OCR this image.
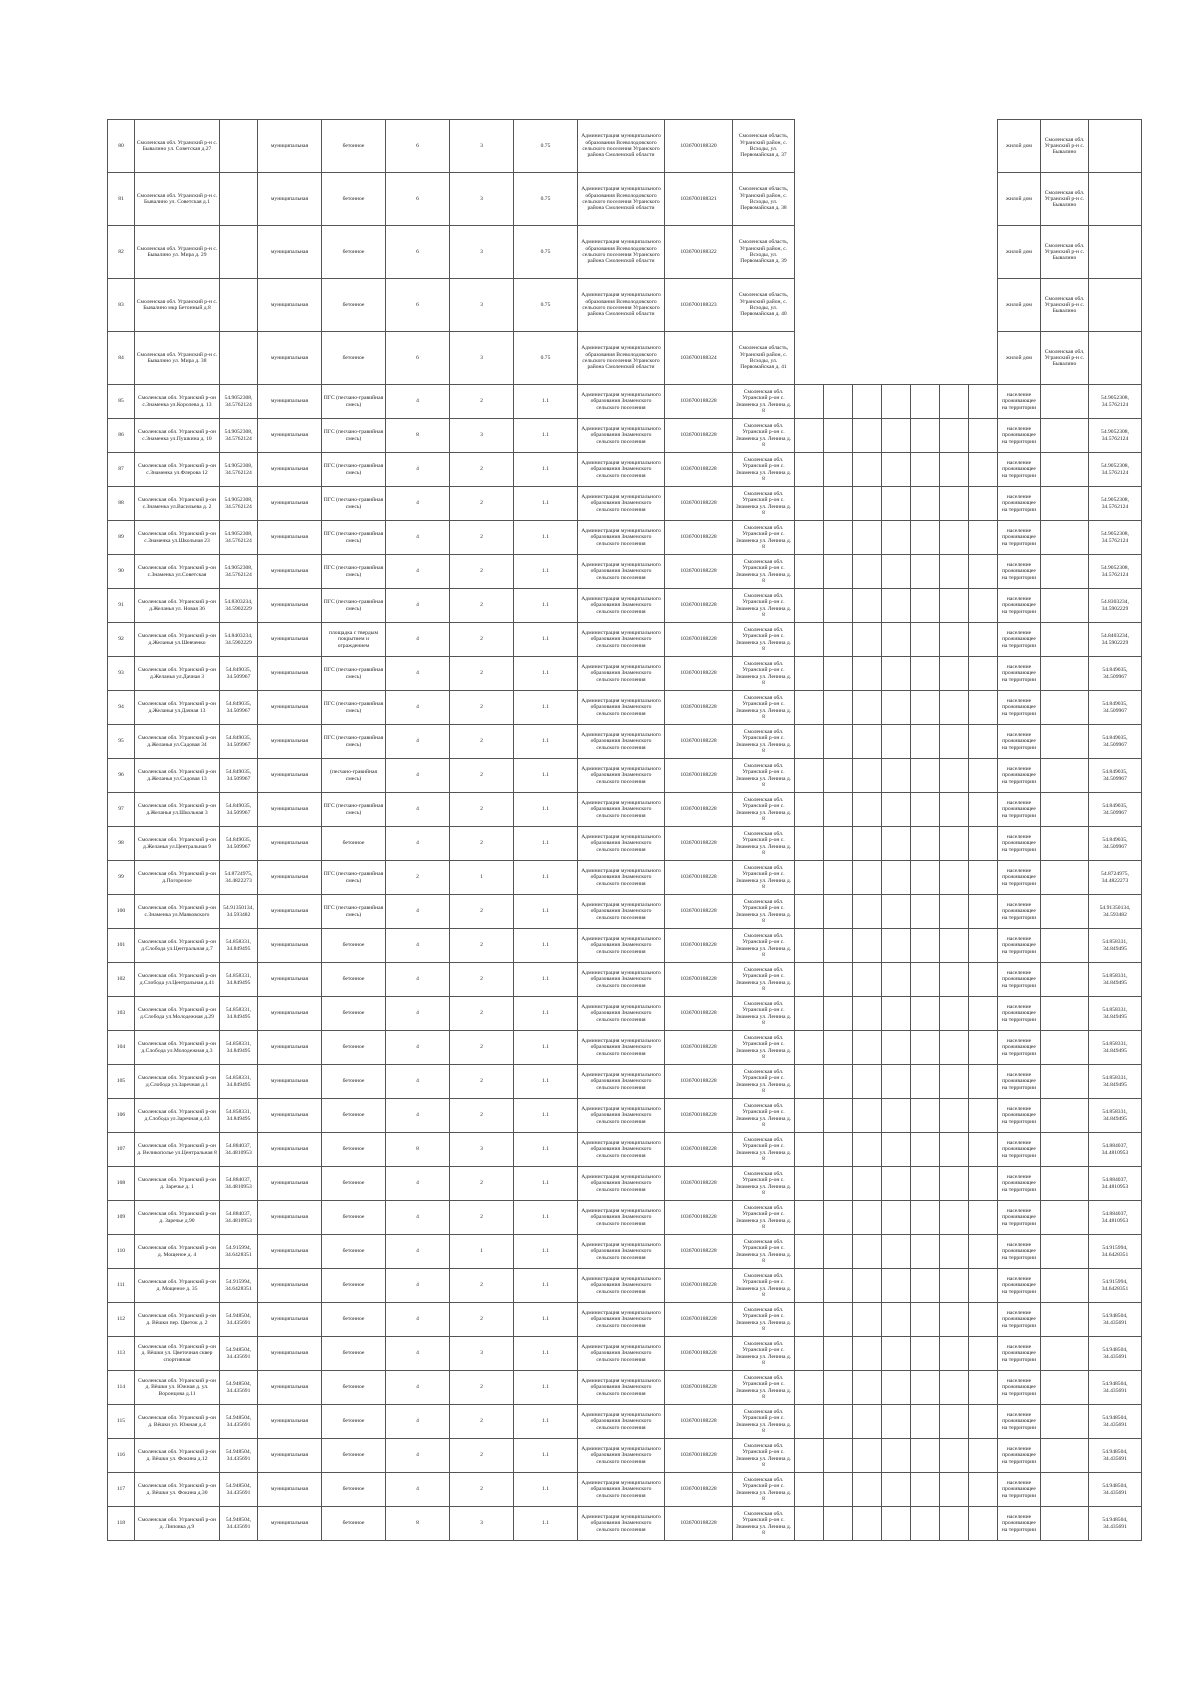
80	Смоленская обл. Угранский р-н с. Бывалино ул. Советская д.27		муниципальная	бетонное	6	3	0.75	Администрация муниципального образования Всеволодовского сельского поселения Угранского района Смоленской области	1036700188320	Смоленская область, Угранский район, с. Всходы, ул. Первомайская д. 37								жилой дом	Смоленская обл. Угранский р-н с. Бывалино	
81	Смоленская обл. Угранский р-н с. Бывалино ул. Советская д.1		муниципальная	бетонное	6	3	0.75	Администрация муниципального образования Всеволодовского сельского поселения Угранского района Смоленской области	1036700188321	Смоленская область, Угранский район, с. Всходы, ул. Первомайская д. 38								жилой дом	Смоленская обл. Угранский р-н с. Бывалино	
82	Смоленская обл. Угранский р-н с. Бывалино ул. Мира д. 29		муниципальная	бетонное	6	3	0.75	Администрация муниципального образования Всеволодовского сельского поселения Угранского района Смоленской области	1036700188322	Смоленская область, Угранский район, с. Всходы, ул. Первомайская д. 39								жилой дом	Смоленская обл. Угранский р-н с. Бывалино	
83	Смоленская обл. Угранский р-н с. Бывалино мкр Бетонный д.8		муниципальная	бетонное	6	3	0.75	Администрация муниципального образования Всеволодовского сельского поселения Угранского района Смоленской области	1036700188323	Смоленская область, Угранский район, с. Всходы, ул. Первомайская д. 40								жилой дом	Смоленская обл. Угранский р-н с. Бывалино	
84	Смоленская обл. Угранский р-н с. Бывалино ул. Мира д. 38		муниципальная	бетонное	6	3	0.75	Администрация муниципального образования Всеволодовского сельского поселения Угранского района Смоленской области	1036700188324	Смоленская область, Угранский район, с. Всходы, ул. Первомайская д. 41								жилой дом	Смоленская обл. Угранский р-н с. Бывалино	
85	Смоленская обл. Угранский р-он с.Знаменка ул.Королева д. 13	54.9052308, 34.5762124	муниципальная	ПГС (песчано-гравийная смесь)	4	2	1.1	Администрация муниципального образования Знаменского сельского поселения	1036700188228	Смоленская обл. Угранский р-он с. Знаменка ул. Ленина д. 8								население проживающее на территории		54.9052308, 34.5762124
86	Смоленская обл. Угранский р-он с.Знаменка ул.Пушкина д. 10	54.9052308, 34.5762124	муниципальная	ПГС (песчано-гравийная смесь)	8	3	1.1	Администрация муниципального образования Знаменского сельского поселения	1036700188228	Смоленская обл. Угранский р-он с. Знаменка ул. Ленина д. 8								население проживающее на территории		54.9052308, 34.5762124
87	Смоленская обл. Угранский р-он с.Знаменка ул.Флерова 12	54.9052308, 34.5762124	муниципальная	ПГС (песчано-гравийная смесь)	4	2	1.1	Администрация муниципального образования Знаменского сельского поселения	1036700188228	Смоленская обл. Угранский р-он с. Знаменка ул. Ленина д. 8								население проживающее на территории		54.9052308, 34.5762124
88	Смоленская обл. Угранский р-он с.Знаменка ул.Васильева д. 2	54.9052308, 34.5762124	муниципальная	ПГС (песчано-гравийная смесь)	4	2	1.1	Администрация муниципального образования Знаменского сельского поселения	1036700188228	Смоленская обл. Угранский р-он с. Знаменка ул. Ленина д. 8								население проживающее на территории		54.9052308, 34.5762124
89	Смоленская обл. Угранский р-он с.Знаменка ул.Школьная 23	54.9052308, 34.5762124	муниципальная	ПГС (песчано-гравийная смесь)	4	2	1.1	Администрация муниципального образования Знаменского сельского поселения	1036700188228	Смоленская обл. Угранский р-он с. Знаменка ул. Ленина д. 8								население проживающее на территории		54.9052308, 34.5762124
90	Смоленская обл. Угранский р-он с.Знаменка ул.Советская	54.9052308, 34.5762124	муниципальная	ПГС (песчано-гравийная смесь)	4	2	1.1	Администрация муниципального образования Знаменского сельского поселения	1036700188228	Смоленская обл. Угранский р-он с. Знаменка ул. Ленина д. 8								население проживающее на территории		54.9052308, 34.5762124
91	Смоленская обл. Угранский р-он д.Желанья ул. Новая 36	54.8303234, 34.5902229	муниципальная	ПГС (песчано-гравийная смесь)	4	2	1.1	Администрация муниципального образования Знаменского сельского поселения	1036700188228	Смоленская обл. Угранский р-он с. Знаменка ул. Ленина д. 8								население проживающее на территории		54.8303234, 34.5902229
92	Смоленская обл. Угранский р-он д.Желанья ул.Шевченко	54.8403234, 34.5902229	муниципальная	площадка с твердым покрытием и ограждением	4	2	1.1	Администрация муниципального образования Знаменского сельского поселения	1036700188228	Смоленская обл. Угранский р-он с. Знаменка ул. Ленина д. 8								население проживающее на территории		54.8403234, 34.5902229
93	Смоленская обл. Угранский р-он д.Желанья ул.Дачная 3	54.849035, 34.509967	муниципальная	ПГС (песчано-гравийная смесь)	4	2	1.1	Администрация муниципального образования Знаменского сельского поселения	1036700188228	Смоленская обл. Угранский р-он с. Знаменка ул. Ленина д. 8								население проживающее на территории		54.849035, 34.509967
94	Смоленская обл. Угранский р-он д.Желанья ул.Дачная 13	54.849035, 34.509967	муниципальная	ПГС (песчано-гравийная смесь)	4	2	1.1	Администрация муниципального образования Знаменского сельского поселения	1036700188228	Смоленская обл. Угранский р-он с. Знаменка ул. Ленина д. 8								население проживающее на территории		54.849035, 34.509967
95	Смоленская обл. Угранский р-он д.Желанья ул.Садовая 34	54.849035, 34.509967	муниципальная	ПГС (песчано-гравийная смесь)	4	2	1.1	Администрация муниципального образования Знаменского сельского поселения	1036700188228	Смоленская обл. Угранский р-он с. Знаменка ул. Ленина д. 8								население проживающее на территории		54.849035, 34.509967
96	Смоленская обл. Угранский р-он д.Желанья ул.Садовая 13	54.849035, 34.509967	муниципальная	(песчано-гравийная смесь)	4	2	1.1	Администрация муниципального образования Знаменского сельского поселения	1036700188228	Смоленская обл. Угранский р-он с. Знаменка ул. Ленина д. 8								население проживающее на территории		54.849035, 34.509967
97	Смоленская обл. Угранский р-он д.Желанья ул.Школьная 3	54.849035, 34.509967	муниципальная	ПГС (песчано-гравийная смесь)	4	2	1.1	Администрация муниципального образования Знаменского сельского поселения	1036700188228	Смоленская обл. Угранский р-он с. Знаменка ул. Ленина д. 8								население проживающее на территории		54.849035, 34.509967
98	Смоленская обл. Угранский р-он д.Желанья ул.Центральная 9	54.849035, 34.509967	муниципальная	бетонное	4	2	1.1	Администрация муниципального образования Знаменского сельского поселения	1036700188228	Смоленская обл. Угранский р-он с. Знаменка ул. Ленина д. 8								население проживающее на территории		54.849035, 34.509967
99	Смоленская обл. Угранский р-он д.Погорелое	54.8724975, 34.4822273	муниципальная	ПГС (песчано-гравийная смесь)	2	1	1.1	Администрация муниципального образования Знаменского сельского поселения	1036700188228	Смоленская обл. Угранский р-он с. Знаменка ул. Ленина д. 8								население проживающее на территории		54.8724975, 34.4822273
100	Смоленская обл. Угранский р-он с.Знаменка ул.Маяковского	54.91350134, 34.593482	муниципальная	ПГС (песчано-гравийная смесь)	4	2	1.1	Администрация муниципального образования Знаменского сельского поселения	1036700188228	Смоленская обл. Угранский р-он с. Знаменка ул. Ленина д. 8								население проживающее на территории		54.91350134, 34.593482
101	Смоленская обл. Угранский р-он д.Слобода ул.Центральная д.7	54.858331, 34.849495	муниципальная	бетонное	4	2	1.1	Администрация муниципального образования Знаменского сельского поселения	1036700188228	Смоленская обл. Угранский р-он с. Знаменка ул. Ленина д. 8								население проживающее на территории		54.858331, 34.849495
102	Смоленская обл. Угранский р-он д.Слобода ул.Центральная д.41	54.858331, 34.849495	муниципальная	бетонное	4	2	1.1	Администрация муниципального образования Знаменского сельского поселения	1036700188228	Смоленская обл. Угранский р-он с. Знаменка ул. Ленина д. 8								население проживающее на территории		54.858331, 34.849495
103	Смоленская обл. Угранский р-он д.Слобода ул.Молодежная д.29	54.858331, 34.849495	муниципальная	бетонное	4	2	1.1	Администрация муниципального образования Знаменского сельского поселения	1036700188228	Смоленская обл. Угранский р-он с. Знаменка ул. Ленина д. 8								население проживающее на территории		54.858331, 34.849495
104	Смоленская обл. Угранский р-он д.Слобода ул.Молодежная д.3	54.858331, 34.849495	муниципальная	бетонное	4	2	1.1	Администрация муниципального образования Знаменского сельского поселения	1036700188228	Смоленская обл. Угранский р-он с. Знаменка ул. Ленина д. 8								население проживающее на территории		54.858331, 34.849495
105	Смоленская обл. Угранский р-он д.Слобода ул.Заречная д.1	54.858331, 34.849495	муниципальная	бетонное	4	2	1.1	Администрация муниципального образования Знаменского сельского поселения	1036700188228	Смоленская обл. Угранский р-он с. Знаменка ул. Ленина д. 8								население проживающее на территории		54.858331, 34.849495
106	Смоленская обл. Угранский р-он д.Слобода ул.Заречная д.43	54.858331, 34.849495	муниципальная	бетонное	4	2	1.1	Администрация муниципального образования Знаменского сельского поселения	1036700188228	Смоленская обл. Угранский р-он с. Знаменка ул. Ленина д. 8								население проживающее на территории		54.858331, 34.849495
107	Смоленская обл. Угранский р-он д. Великополье ул.Центральная 8	54.884037, 34.4810953	муниципальная	бетонное	8	3	1.1	Администрация муниципального образования Знаменского сельского поселения	1036700188228	Смоленская обл. Угранский р-он с. Знаменка ул. Ленина д. 8								население проживающее на территории		54.884037, 34.4810953
108	Смоленская обл. Угранский р-он д. Заречье д. 1	54.884037, 34.4810953	муниципальная	бетонное	4	2	1.1	Администрация муниципального образования Знаменского сельского поселения	1036700188228	Смоленская обл. Угранский р-он с. Знаменка ул. Ленина д. 8								население проживающее на территории		54.884037, 34.4810953
109	Смоленская обл. Угранский р-он д. Заречье д.90	54.884037, 34.4810953	муниципальная	бетонное	4	2	1.1	Администрация муниципального образования Знаменского сельского поселения	1036700188228	Смоленская обл. Угранский р-он с. Знаменка ул. Ленина д. 8								население проживающее на территории		54.884037, 34.4810953
110	Смоленская обл. Угранский р-он д. Мощеное д. 4	54.915994, 34.6428351	муниципальная	бетонное	4	1	1.1	Администрация муниципального образования Знаменского сельского поселения	1036700188228	Смоленская обл. Угранский р-он с. Знаменка ул. Ленина д. 8								население проживающее на территории		54.915994, 34.6428351
111	Смоленская обл. Угранский р-он д. Мощеное д. 35	54.915994, 34.6428351	муниципальная	бетонное	4	2	1.1	Администрация муниципального образования Знаменского сельского поселения	1036700188228	Смоленская обл. Угранский р-он с. Знаменка ул. Ленина д. 8								население проживающее на территории		54.915994, 34.6428351
112	Смоленская обл. Угранский р-он д. Вёшки пер. Цветок д. 2	54.948504, 34.435691	муниципальная	бетонное	4	2	1.1	Администрация муниципального образования Знаменского сельского поселения	1036700188228	Смоленская обл. Угранский р-он с. Знаменка ул. Ленина д. 8								население проживающее на территории		54.948504, 34.435691
113	Смоленская обл. Угранский р-он д. Вёшки ул. Цветочная сквер спортивная	54.948504, 34.435691	муниципальная	бетонное	4	3	1.1	Администрация муниципального образования Знаменского сельского поселения	1036700188228	Смоленская обл. Угранский р-он с. Знаменка ул. Ленина д. 8								население проживающее на территории		54.948504, 34.435691
114	Смоленская обл. Угранский р-он д. Вёшки ул. Южная д. ул. Воронцова д.11	54.948504, 34.435691	муниципальная	бетонное	4	2	1.1	Администрация муниципального образования Знаменского сельского поселения	1036700188228	Смоленская обл. Угранский р-он с. Знаменка ул. Ленина д. 8								население проживающее на территории		54.948504, 34.435691
115	Смоленская обл. Угранский р-он д. Вёшки ул. Южная д.4	54.948504, 34.435691	муниципальная	бетонное	4	2	1.1	Администрация муниципального образования Знаменского сельского поселения	1036700188228	Смоленская обл. Угранский р-он с. Знаменка ул. Ленина д. 8								население проживающее на территории		54.948504, 34.435691
116	Смоленская обл. Угранский р-он д. Вёшки ул. Фокина д.12	54.948504, 34.435691	муниципальная	бетонное	4	2	1.1	Администрация муниципального образования Знаменского сельского поселения	1036700188228	Смоленская обл. Угранский р-он с. Знаменка ул. Ленина д. 8								население проживающее на территории		54.948504, 34.435691
117	Смоленская обл. Угранский р-он д. Вёшки ул. Фокина д.30	54.948504, 34.435691	муниципальная	бетонное	4	2	1.1	Администрация муниципального образования Знаменского сельского поселения	1036700188228	Смоленская обл. Угранский р-он с. Знаменка ул. Ленина д. 8								население проживающее на территории		54.948504, 34.435691
118	Смоленская обл. Угранский р-он д. Липовка д.9	54.948504, 34.435691	муниципальная	бетонное	8	3	1.1	Администрация муниципального образования Знаменского сельского поселения	1036700188228	Смоленская обл. Угранский р-он с. Знаменка ул. Ленина д. 8								население проживающее на территории		54.948504, 34.435691
